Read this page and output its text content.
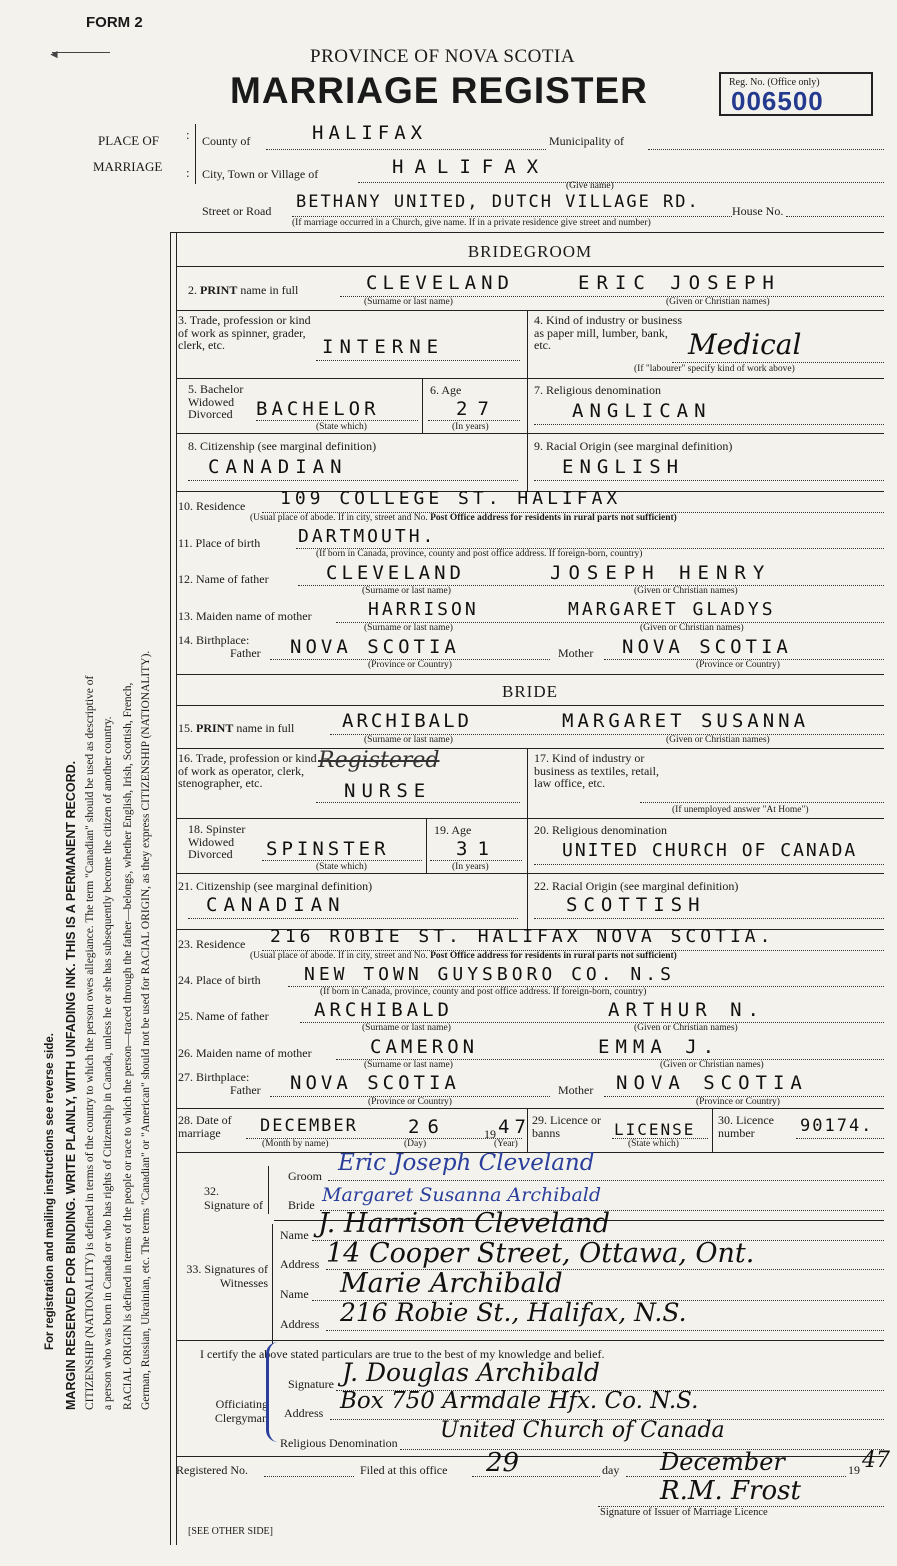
FORM 2
◄	PROVINCE OF NOVA SCOTIA
MARRIAGE REGISTER	Reg. No. (Office only)
006500
For registration and mailing instructions see reverse side. MARGIN RESERVED FOR BINDING. WRITE PLAINLY, WITH UNFADING INK. THIS IS A PERMANENT RECORD. CITIZENSHIP (NATIONALITY) is defined in terms of the country to which the person owes allegiance. The term "Canadian" should be used as descriptive of a person who was born in Canada or who has rights of Citizenship in Canada, unless he or she has subsequently become the citizen of another country. RACIAL ORIGIN is defined in terms of the people or race to which the person—traced through the father—belongs, whether English, Irish, Scottish, French, German, Russian, Ukrainian, etc. The terms "Canadian" or "American" should not be used for RACIAL ORIGIN, as they express CITIZENSHIP (NATIONALITY).
PLACE OF
MARRIAGE
:
:
County of	HALIFAX	Municipality of
City, Town or Village of	HALIFAX
(Give name)
Street or Road BETHANY UNITED, DUTCH VILLAGE RD.	House No.
(If marriage occurred in a Church, give name. If in a private residence give street and number)
BRIDEGROOM
2. PRINT name in full	CLEVELAND	ERIC JOSEPH
(Surname or last name)	(Given or Christian names)
3. Trade, profession or kind of work as spinner, grader, clerk, etc.	INTERNE
4. Kind of industry or business as paper mill, lumber, bank, etc.	Medical
(If "labourer" specify kind of work above)
5. Bachelor Widowed Divorced	BACHELOR
(State which)
6. Age
27
(In years)
7. Religious denomination
ANGLICAN
8. Citizenship (see marginal definition)
CANADIAN
9. Racial Origin (see marginal definition)
ENGLISH
10. Residence 109 COLLEGE ST. HALIFAX
(Usual place of abode. If in city, street and No. Post Office address for residents in rural parts not sufficient)
11. Place of birth DARTMOUTH.
(If born in Canada, province, county and post office address. If foreign-born, country)
12. Name of father	CLEVELAND	JOSEPH HENRY
(Surname or last name)	(Given or Christian names)
13. Maiden name of mother	HARRISON	MARGARET GLADYS
(Surname or last name)	(Given or Christian names)
14. Birthplace:
Father NOVA SCOTIA	Mother NOVA SCOTIA
(Province or Country)	(Province or Country)
BRIDE
15. PRINT name in full	ARCHIBALD	MARGARET SUSANNA
(Surname or last name)	(Given or Christian names)
16. Trade, profession or kind of work as operator, clerk, stenographer, etc.
Registered
NURSE
17. Kind of industry or business as textiles, retail, law office, etc.
(If unemployed answer "At Home")
18. Spinster Widowed Divorced	SPINSTER
(State which)
19. Age
31
(In years)
20. Religious denomination
UNITED CHURCH OF CANADA
21. Citizenship (see marginal definition)
CANADIAN
22. Racial Origin (see marginal definition)
SCOTTISH
23. Residence 216 ROBIE ST. HALIFAX NOVA SCOTIA.
(Usual place of abode. If in city, street and No. Post Office address for residents in rural parts not sufficient)
24. Place of birth NEW TOWN GUYSBORO CO. N.S
(If born in Canada, province, county and post office address. If foreign-born, country)
25. Name of father ARCHIBALD	ARTHUR N.
(Surname or last name)	(Given or Christian names)
26. Maiden name of mother	CAMERON	EMMA J.
(Surname or last name)	(Given or Christian names)
27. Birthplace:
Father NOVA SCOTIA	Mother NOVA SCOTIA
(Province or Country)	(Province or Country)
28. Date of marriage	DECEMBER	26	19 47
(Month by name)	(Day)	(Year)
29. Licence or banns	LICENSE
(State which)
30. Licence number	90174.
32. Signature of
Groom Eric Joseph Cleveland
Bride Margaret Susanna Archibald
33. Signatures of Witnesses
Name J. Harrison Cleveland
Address 14 Cooper Street, Ottawa, Ont.
Name Marie Archibald
Address 216 Robie St., Halifax, N.S.
I certify the above stated particulars are true to the best of my knowledge and belief.
Officiating Clergyman
Signature J. Douglas Archibald
Address Box 750 Armdale Hfx. Co. N.S.
Religious Denomination United Church of Canada
Registered No.	Filed at this office 29	day December	19 47
R.M. Frost
Signature of Issuer of Marriage Licence
[SEE OTHER SIDE]
